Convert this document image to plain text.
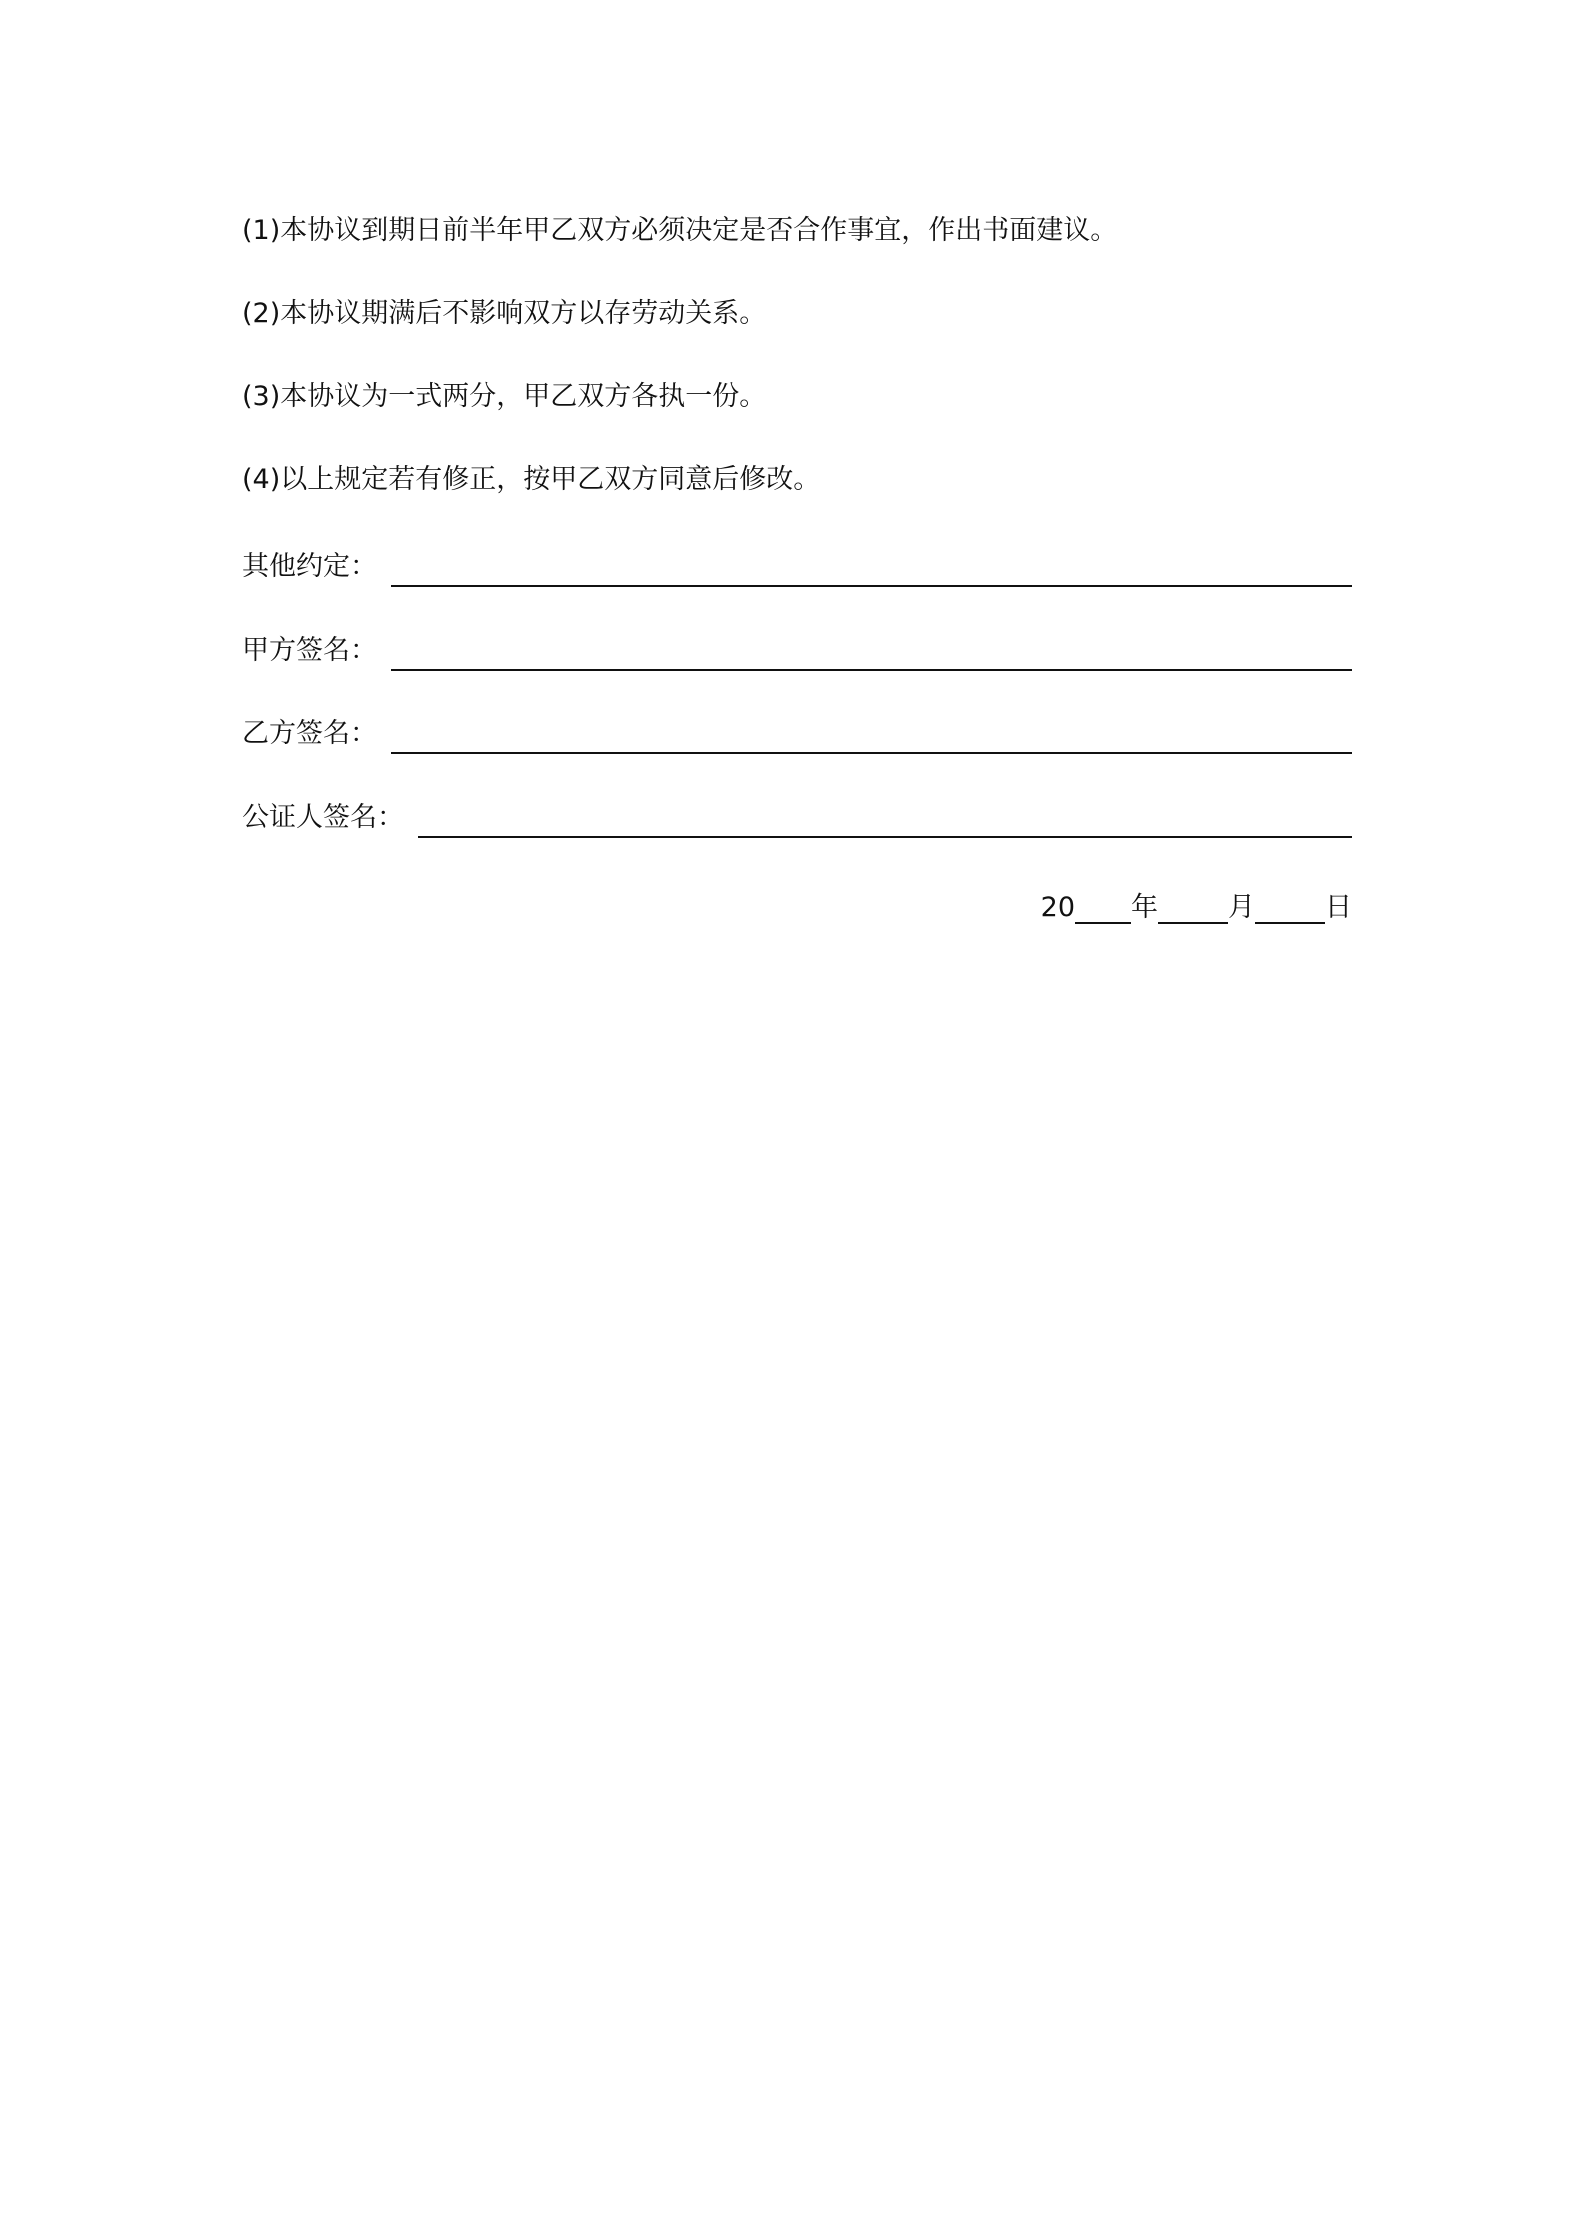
(1)本协议到期日前半年甲乙双方必须决定是否合作事宜，作出书面建议。
(2)本协议期满后不影响双方以存劳动关系。
(3)本协议为一式两分，甲乙双方各执一份。
(4)以上规定若有修正，按甲乙双方同意后修改。
其他约定：
甲方签名：
乙方签名：
公证人签名：
20 年	月	日
